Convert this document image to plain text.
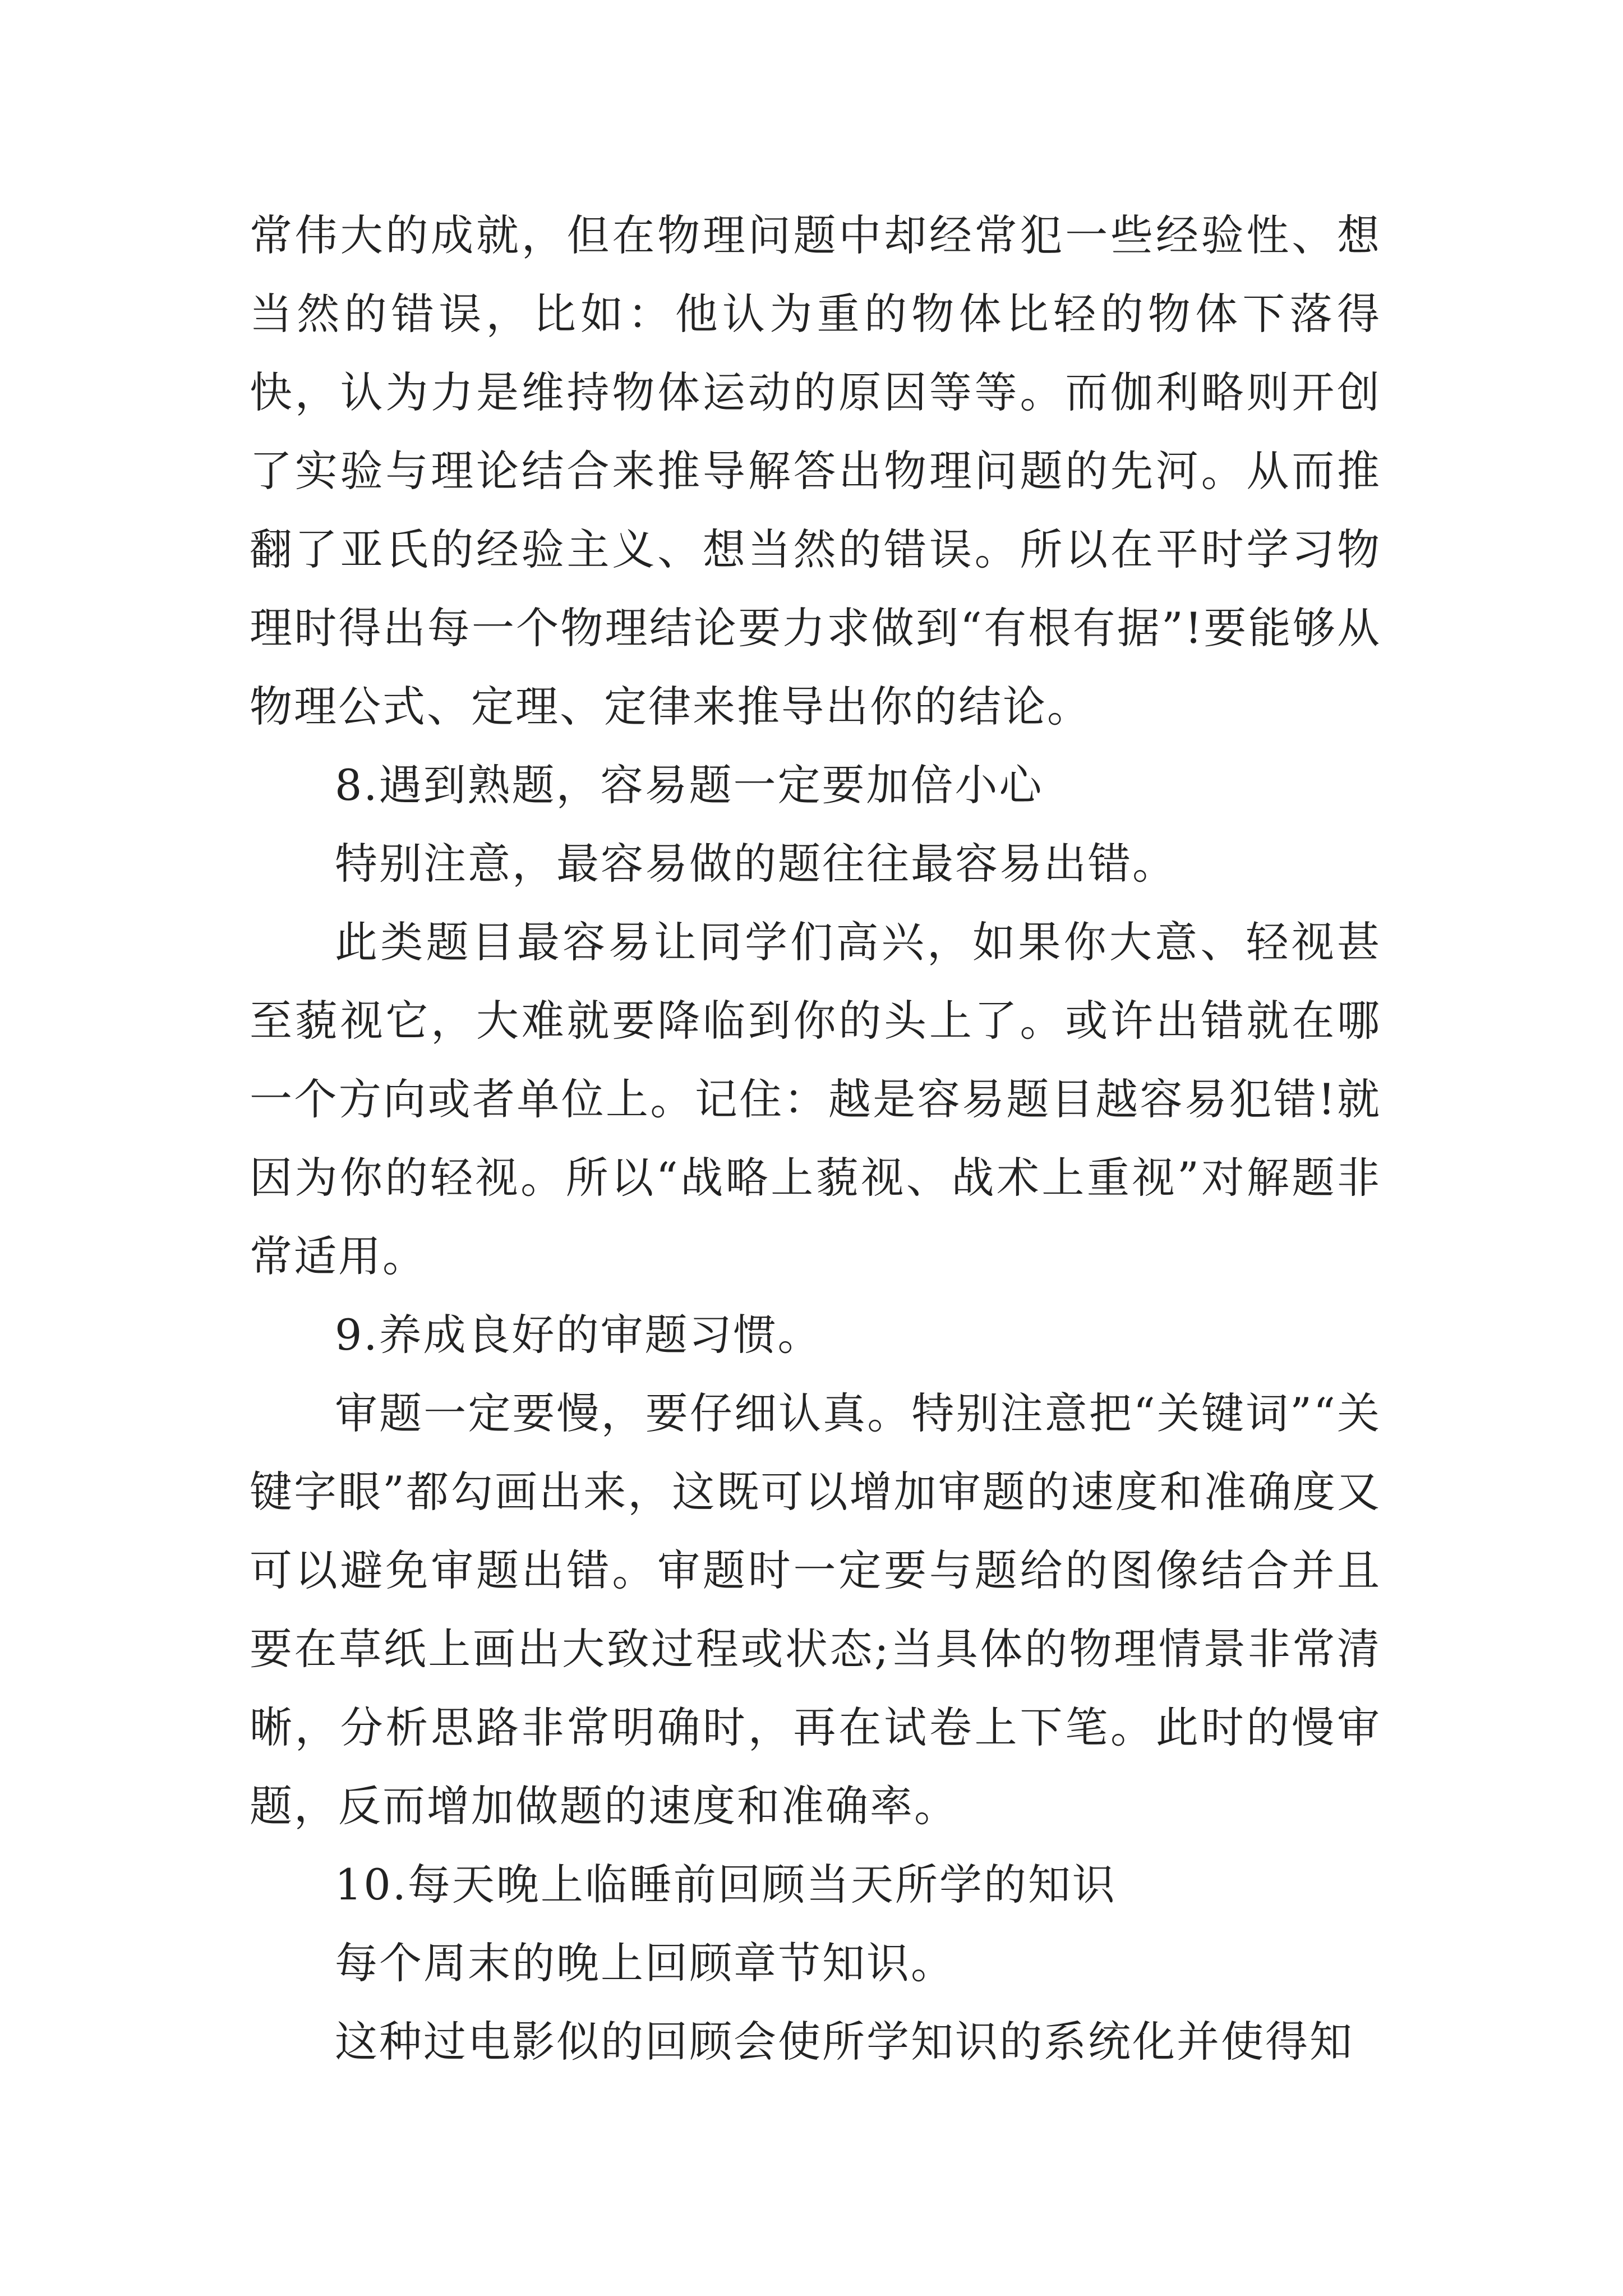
常伟大的成就，但在物理问题中却经常犯一些经验性、想当然的错误，比如：他认为重的物体比轻的物体下落得快，认为力是维持物体运动的原因等等。而伽利略则开创了实验与理论结合来推导解答出物理问题的先河。从而推翻了亚氏的经验主义、想当然的错误。所以在平时学习物理时得出每一个物理结论要力求做到“有根有据”!要能够从物理公式、定理、定律来推导出你的结论。

8.遇到熟题，容易题一定要加倍小心

特别注意，最容易做的题往往最容易出错。

此类题目最容易让同学们高兴，如果你大意、轻视甚至藐视它，大难就要降临到你的头上了。或许出错就在哪一个方向或者单位上。记住：越是容易题目越容易犯错!就因为你的轻视。所以“战略上藐视、战术上重视”对解题非常适用。

9.养成良好的审题习惯。

审题一定要慢，要仔细认真。特别注意把“关键词”“关键字眼”都勾画出来，这既可以增加审题的速度和准确度又可以避免审题出错。审题时一定要与题给的图像结合并且要在草纸上画出大致过程或状态;当具体的物理情景非常清晰，分析思路非常明确时，再在试卷上下笔。此时的慢审题，反而增加做题的速度和准确率。

10.每天晚上临睡前回顾当天所学的知识

每个周末的晚上回顾章节知识。

这种过电影似的回顾会使所学知识的系统化并使得知
